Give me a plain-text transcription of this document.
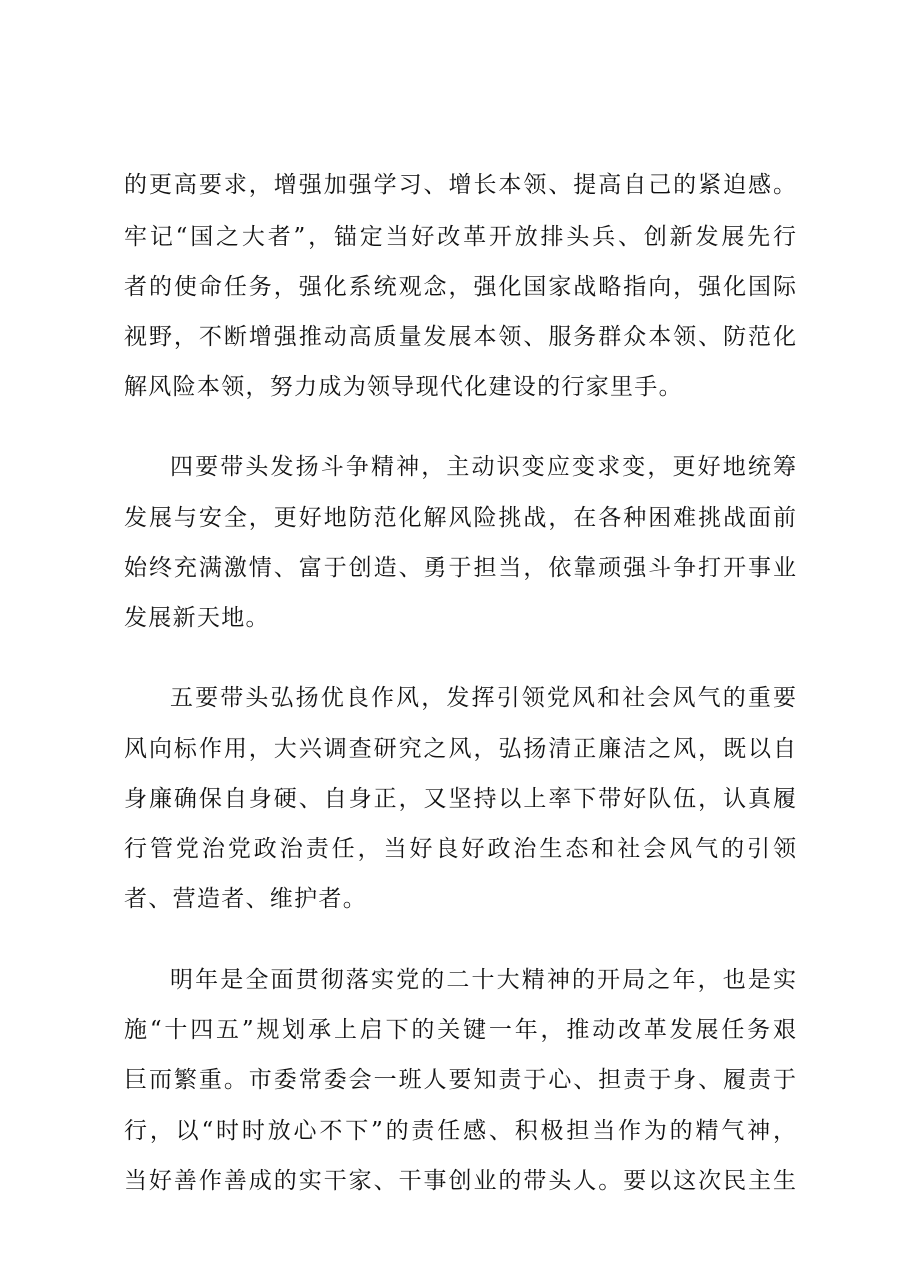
的更高要求，增强加强学习、增长本领、提高自己的紧迫感。
牢记“国之大者”，锚定当好改革开放排头兵、创新发展先行
者的使命任务，强化系统观念，强化国家战略指向，强化国际
视野，不断增强推动高质量发展本领、服务群众本领、防范化
解风险本领，努力成为领导现代化建设的行家里手。
四要带头发扬斗争精神，主动识变应变求变，更好地统筹
发展与安全，更好地防范化解风险挑战，在各种困难挑战面前
始终充满激情、富于创造、勇于担当，依靠顽强斗争打开事业
发展新天地。
五要带头弘扬优良作风，发挥引领党风和社会风气的重要
风向标作用，大兴调查研究之风，弘扬清正廉洁之风，既以自
身廉确保自身硬、自身正，又坚持以上率下带好队伍，认真履
行管党治党政治责任，当好良好政治生态和社会风气的引领
者、营造者、维护者。
明年是全面贯彻落实党的二十大精神的开局之年，也是实
施“十四五”规划承上启下的关键一年，推动改革发展任务艰
巨而繁重。市委常委会一班人要知责于心、担责于身、履责于
行，以“时时放心不下”的责任感、积极担当作为的精气神，
当好善作善成的实干家、干事创业的带头人。要以这次民主生
